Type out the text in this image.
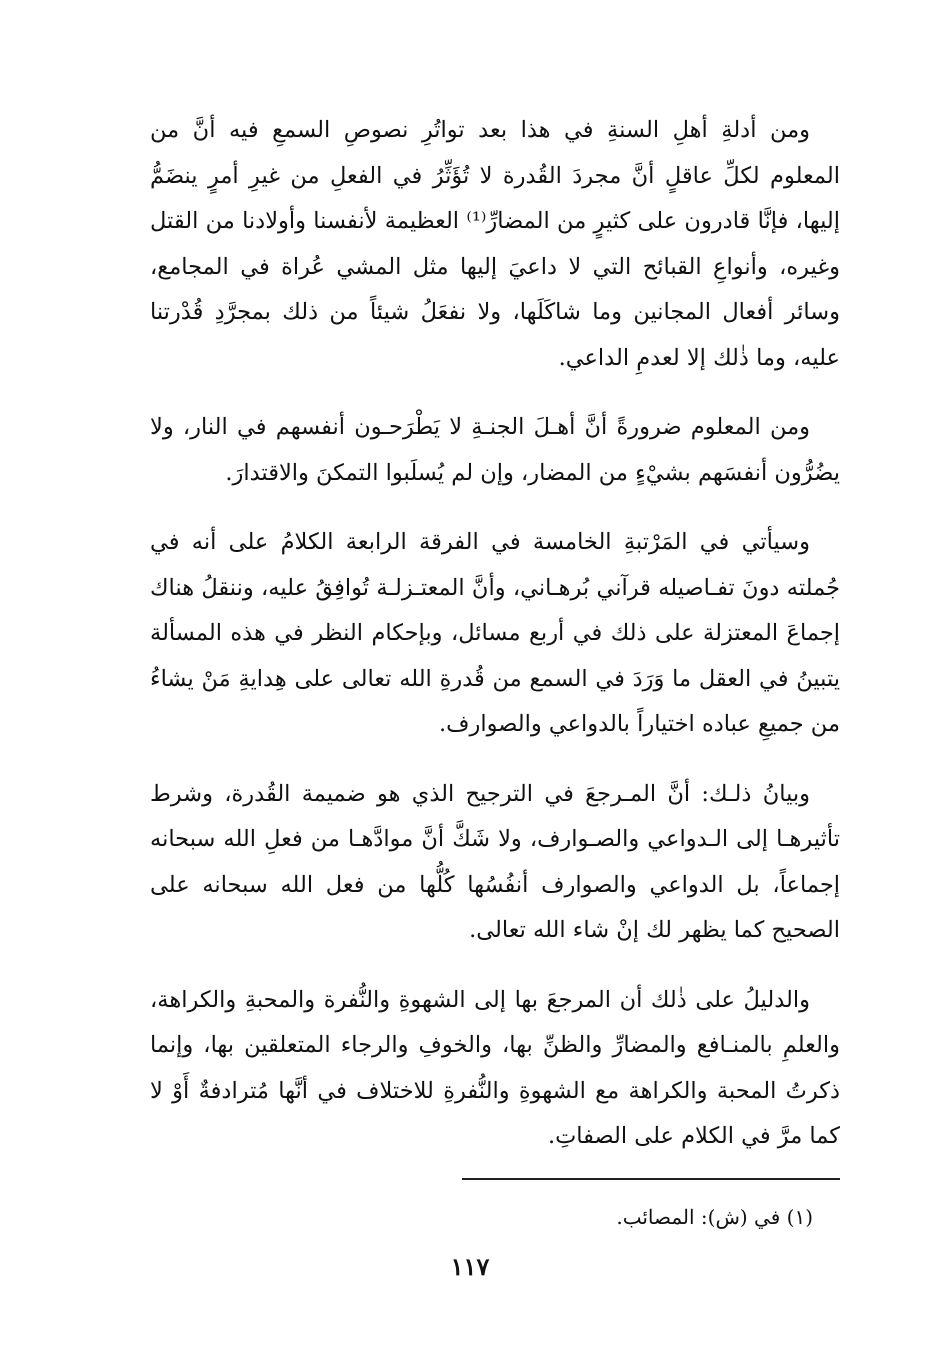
ومن أدلةِ أهلِ السنةِ في هذا بعد تواتُرِ نصوصِ السمعِ فيه أنَّ من المعلوم لكلِّ عاقلٍ أنَّ مجردَ القُدرة لا تُؤَثِّرُ في الفعلِ من غيرِ أمرٍ ينضَمُّ إليها، فإنَّا قادرون على كثيرٍ من المضارِّ⁽¹⁾ العظيمة لأنفسنا وأولادنا من القتل وغيره، وأنواعِ القبائح التي لا داعيَ إليها مثل المشي عُراة في المجامع، وسائر أفعال المجانين وما شاكَلَها، ولا نفعَلُ شيئاً من ذلك بمجرَّدِ قُدْرتنا عليه، وما ذٰلك إلا لعدمِ الداعي.

ومن المعلوم ضرورةً أنَّ أهـلَ الجنـةِ لا يَطْرَحـون أنفسهم في النار، ولا يضُرُّون أنفسَهم بشيْءٍ من المضار، وإن لم يُسلَبوا التمكنَ والاقتدارَ.

وسيأتي في المَرْتبةِ الخامسة في الفرقة الرابعة الكلامُ على أنه في جُملته دونَ تفـاصيله قرآني بُرهـاني، وأنَّ المعتـزلـة تُوافِقُ عليه، وننقلُ هناك إجماعَ المعتزلة على ذلك في أربع مسائل، وبإحكام النظر في هذه المسألة يتبينُ في العقل ما وَرَدَ في السمع من قُدرةِ الله تعالى على هِدايةِ مَنْ يشاءُ من جميعِ عباده اختياراً بالدواعي والصوارف.

وبيانُ ذلـك: أنَّ المـرجعَ في الترجيح الذي هو ضميمة القُدرة، وشرط تأثيرهـا إلى الـدواعي والصـوارف، ولا شَكَّ أنَّ موادَّهـا من فعلِ الله سبحانه إجماعاً، بل الدواعي والصوارف أنفُسُها كُلُّها من فعل الله سبحانه على الصحيح كما يظهر لك إنْ شاء الله تعالى.

والدليلُ على ذٰلك أن المرجعَ بها إلى الشهوةِ والنُّفرة والمحبةِ والكراهة، والعلمِ بالمنـافع والمضارِّ والظنِّ بها، والخوفِ والرجاء المتعلقين بها، وإنما ذكرتُ المحبة والكراهة مع الشهوةِ والنُّفرةِ للاختلاف في أنَّها مُترادفةٌ أَوْ لا كما مرَّ في الكلام على الصفاتِ.

(١) في (ش): المصائب.
١١٧
